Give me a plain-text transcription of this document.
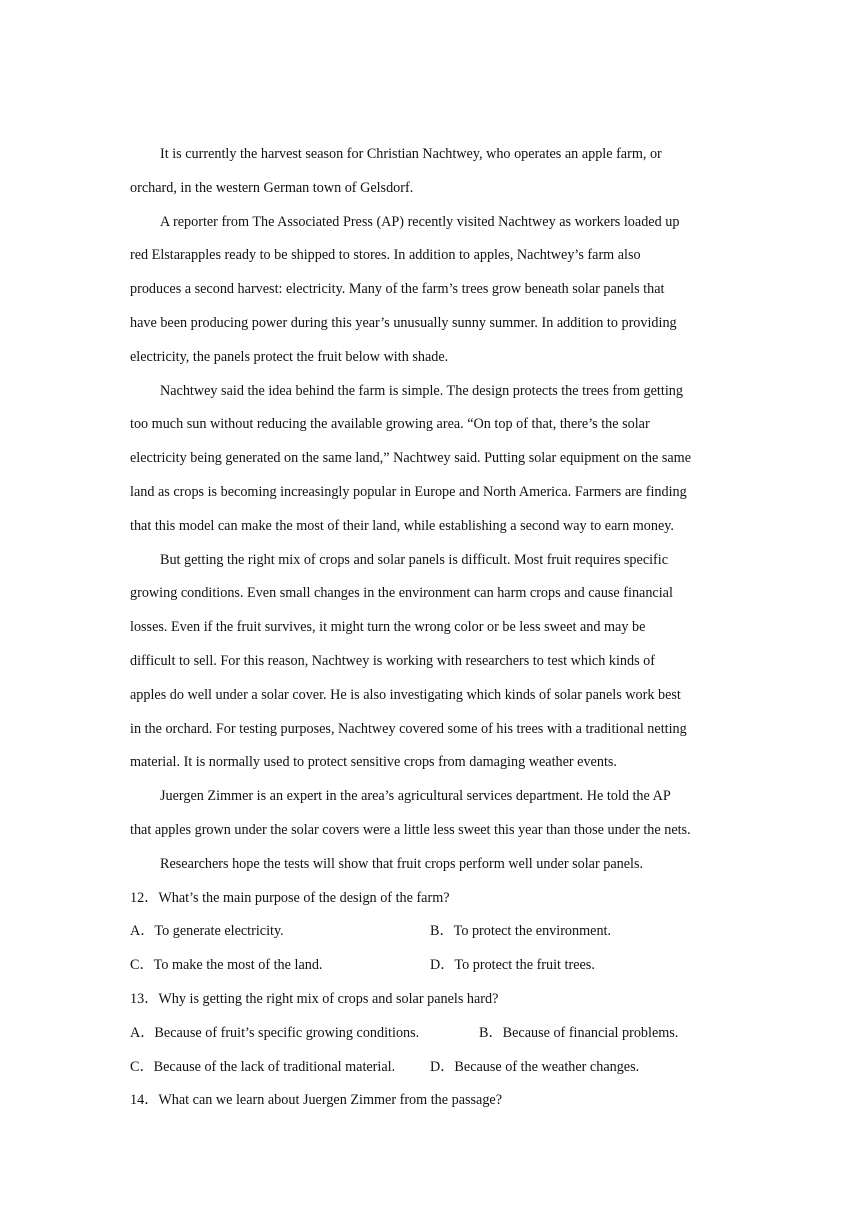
It is currently the harvest season for Christian Nachtwey, who operates an apple farm, or
orchard, in the western German town of Gelsdorf.
A reporter from The Associated Press (AP) recently visited Nachtwey as workers loaded up
red Elstarapples ready to be shipped to stores. In addition to apples, Nachtwey’s farm also
produces a second harvest: electricity. Many of the farm’s trees grow beneath solar panels that
have been producing power during this year’s unusually sunny summer. In addition to providing
electricity, the panels protect the fruit below with shade.
Nachtwey said the idea behind the farm is simple. The design protects the trees from getting
too much sun without reducing the available growing area. “On top of that, there’s the solar
electricity being generated on the same land,” Nachtwey said. Putting solar equipment on the same
land as crops is becoming increasingly popular in Europe and North America. Farmers are finding
that this model can make the most of their land, while establishing a second way to earn money.
But getting the right mix of crops and solar panels is difficult. Most fruit requires specific
growing conditions. Even small changes in the environment can harm crops and cause financial
losses. Even if the fruit survives, it might turn the wrong color or be less sweet and may be
difficult to sell. For this reason, Nachtwey is working with researchers to test which kinds of
apples do well under a solar cover. He is also investigating which kinds of solar panels work best
in the orchard. For testing purposes, Nachtwey covered some of his trees with a traditional netting
material. It is normally used to protect sensitive crops from damaging weather events.
Juergen Zimmer is an expert in the area’s agricultural services department. He told the AP
that apples grown under the solar covers were a little less sweet this year than those under the nets.
Researchers hope the tests will show that fruit crops perform well under solar panels.
12．What’s the main purpose of the design of the farm?
A．To generate electricity.	B．To protect the environment.
C．To make the most of the land.	D．To protect the fruit trees.
13．Why is getting the right mix of crops and solar panels hard?
A．Because of fruit’s specific growing conditions.	B．Because of financial problems.
C．Because of the lack of traditional material. D．Because of the weather changes.
14．What can we learn about Juergen Zimmer from the passage?
